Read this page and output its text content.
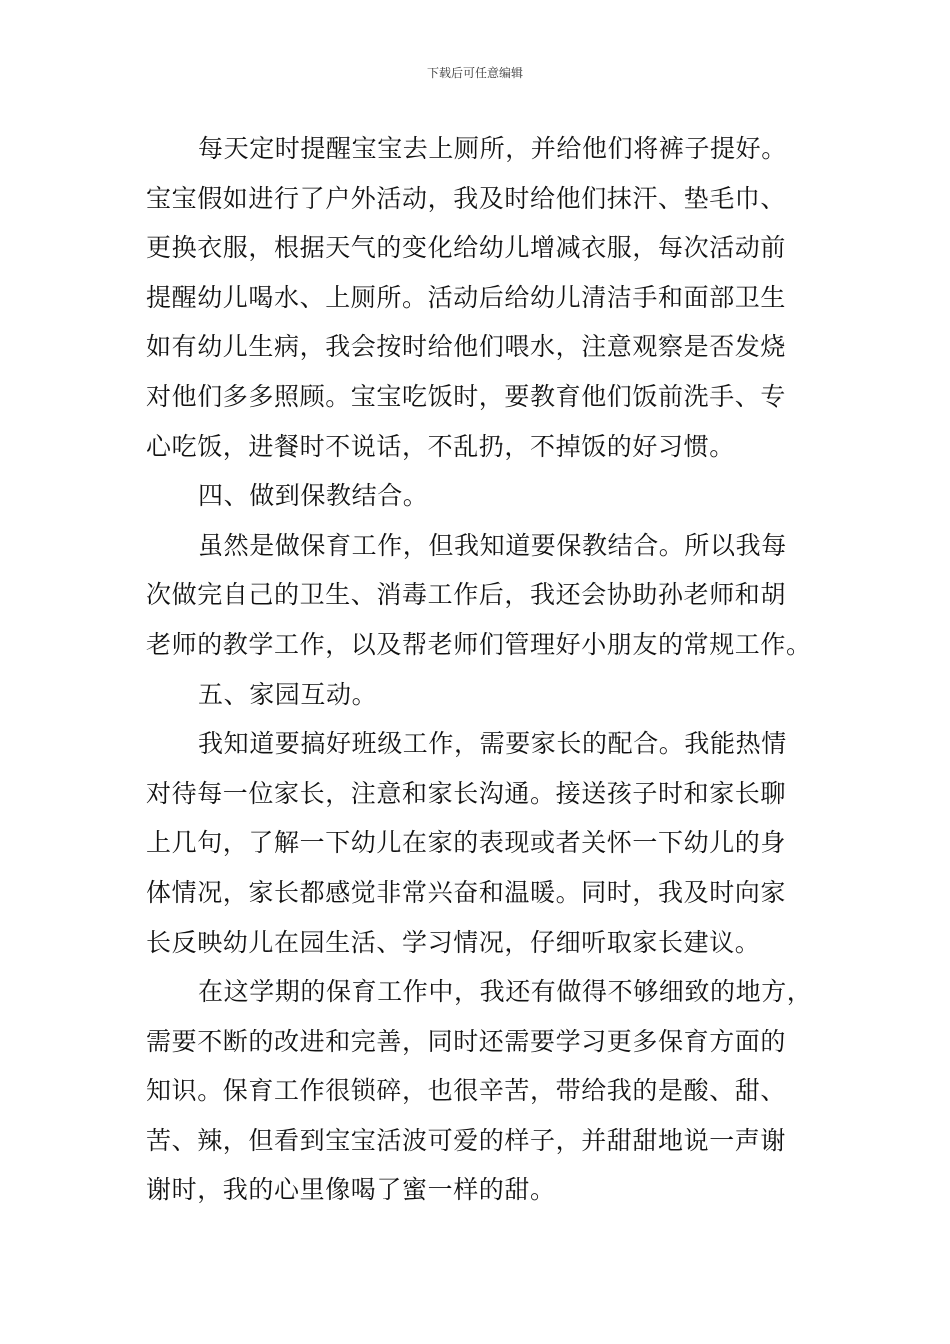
下载后可任意编辑
每天定时提醒宝宝去上厕所，并给他们将裤子提好。
宝宝假如进行了户外活动，我及时给他们抹汗、垫毛巾、
更换衣服，根据天气的变化给幼儿增减衣服，每次活动前
提醒幼儿喝水、上厕所。活动后给幼儿清洁手和面部卫生
如有幼儿生病，我会按时给他们喂水，注意观察是否发烧
对他们多多照顾。宝宝吃饭时，要教育他们饭前洗手、专
心吃饭，进餐时不说话，不乱扔，不掉饭的好习惯。
四、做到保教结合。
虽然是做保育工作，但我知道要保教结合。所以我每
次做完自己的卫生、消毒工作后，我还会协助孙老师和胡
老师的教学工作，以及帮老师们管理好小朋友的常规工作。
五、家园互动。
我知道要搞好班级工作，需要家长的配合。我能热情
对待每一位家长，注意和家长沟通。接送孩子时和家长聊
上几句，了解一下幼儿在家的表现或者关怀一下幼儿的身
体情况，家长都感觉非常兴奋和温暖。同时，我及时向家
长反映幼儿在园生活、学习情况，仔细听取家长建议。
在这学期的保育工作中，我还有做得不够细致的地方，
需要不断的改进和完善，同时还需要学习更多保育方面的
知识。保育工作很锁碎，也很辛苦，带给我的是酸、甜、
苦、辣，但看到宝宝活波可爱的样子，并甜甜地说一声谢
谢时，我的心里像喝了蜜一样的甜。
